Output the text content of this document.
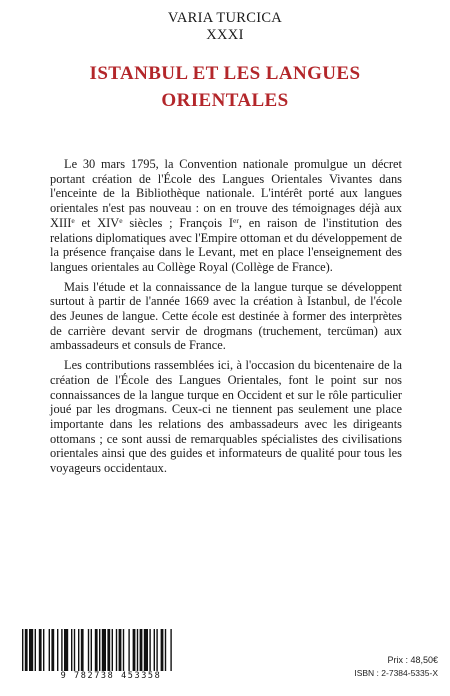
VARIA TURCICA
XXXI
ISTANBUL ET LES LANGUES
ORIENTALES

Le 30 mars 1795, la Convention nationale promulgue un décret portant création de l'École des Langues Orientales Vivantes dans l'enceinte de la Bibliothèque nationale. L'intérêt porté aux langues orientales n'est pas nouveau : on en trouve des témoignages déjà aux XIIIe et XIVe siècles ; François Ier, en raison de l'institution des relations diplomatiques avec l'Empire ottoman et du développement de la présence française dans le Levant, met en place l'enseignement des langues orientales au Collège Royal (Collège de France).

Mais l'étude et la connaissance de la langue turque se développent surtout à partir de l'année 1669 avec la création à Istanbul, de l'école des Jeunes de langue. Cette école est destinée à former des interprètes de carrière devant servir de drogmans (truchement, tercüman) aux ambassadeurs et consuls de France.

Les contributions rassemblées ici, à l'occasion du bicentenaire de la création de l'École des Langues Orientales, font le point sur nos connaissances de la langue turque en Occident et sur le rôle particulier joué par les drogmans. Ceux-ci ne tiennent pas seulement une place importante dans les relations des ambassadeurs avec les dirigeants ottomans ; ce sont aussi de remarquables spécialistes des civilisations orientales ainsi que des guides et informateurs de qualité pour tous les voyageurs occidentaux.

9 782738 453358
Prix : 48,50€
ISBN : 2-7384-5335-X
